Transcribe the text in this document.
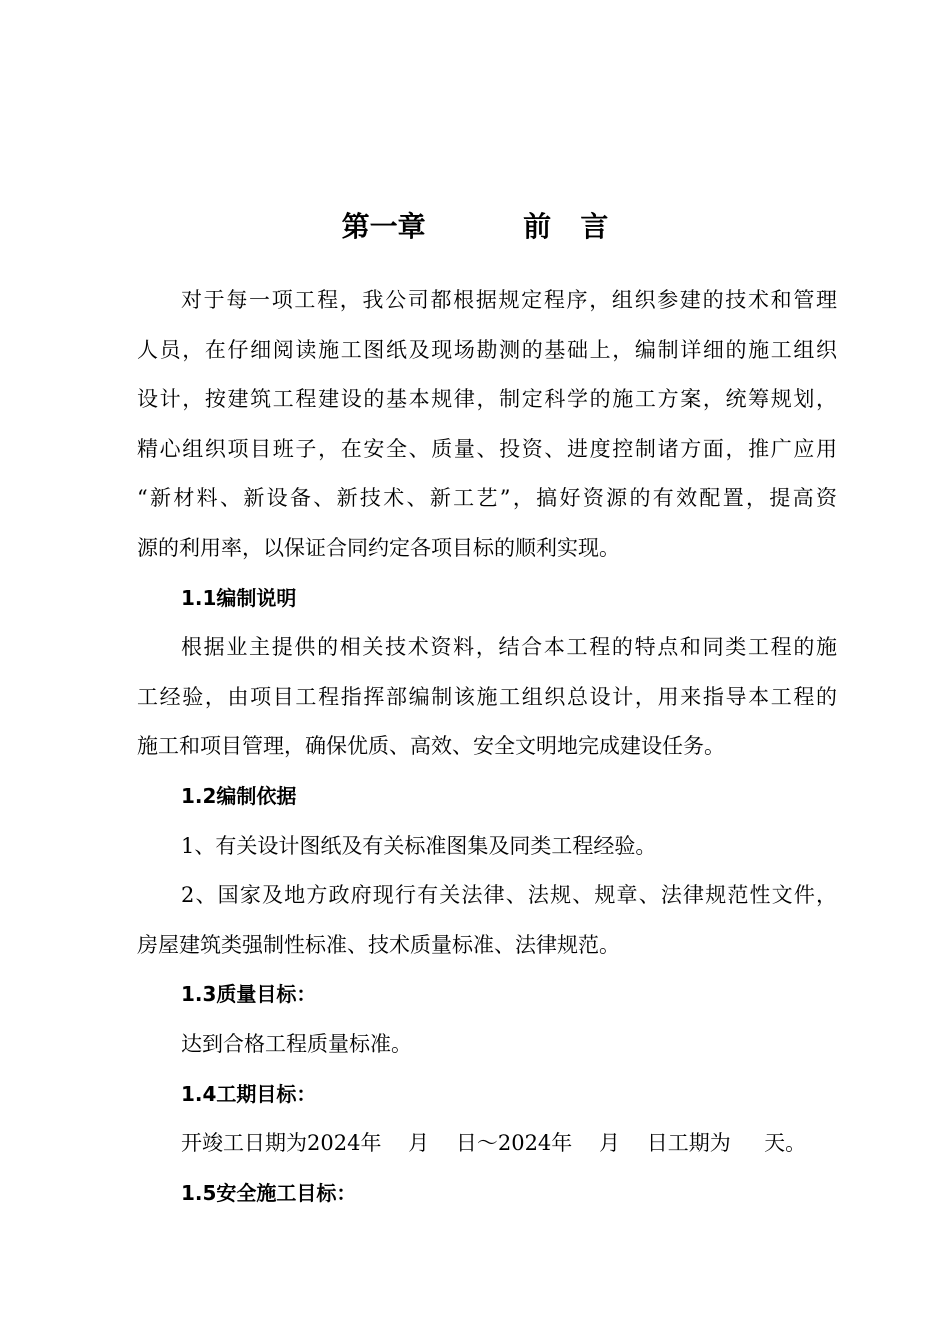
第一章          前   言
对于每一项工程，我公司都根据规定程序，组织参建的技术和管理
人员，在仔细阅读施工图纸及现场勘测的基础上，编制详细的施工组织
设计，按建筑工程建设的基本规律，制定科学的施工方案，统筹规划，
精心组织项目班子，在安全、质量、投资、进度控制诸方面，推广应用
“新材料、新设备、新技术、新工艺”，搞好资源的有效配置，提高资
源的利用率，以保证合同约定各项目标的顺利实现。
1.1编制说明
根据业主提供的相关技术资料，结合本工程的特点和同类工程的施
工经验，由项目工程指挥部编制该施工组织总设计，用来指导本工程的
施工和项目管理，确保优质、高效、安全文明地完成建设任务。
1.2编制依据
1、有关设计图纸及有关标准图集及同类工程经验。
2、国家及地方政府现行有关法律、法规、规章、法律规范性文件，
房屋建筑类强制性标准、技术质量标准、法律规范。
1.3质量目标：
达到合格工程质量标准。
1.4工期目标：
开竣工日期为2024年    月    日～2024年    月    日工期为     天。
1.5安全施工目标：
